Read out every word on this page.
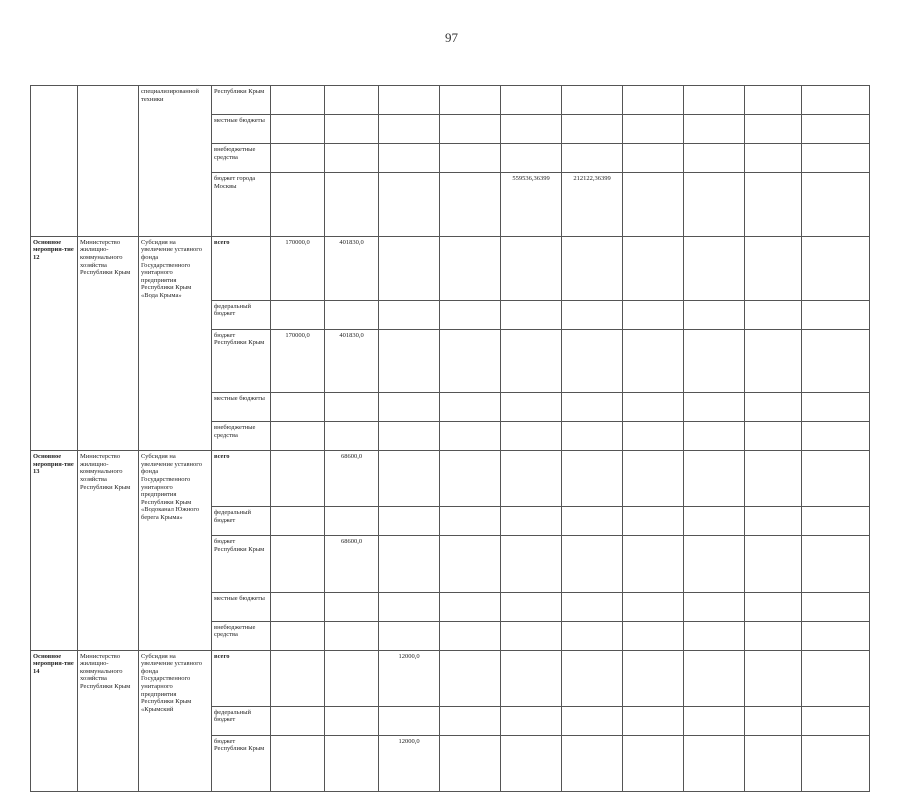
97
		специализированной техники	Республики Крым											
			местные бюджеты											
			внебюджетные средства											
			бюджет города Москвы					559536,36399	212122,36399					
Основное мероприя-тие 12	Министерство жилищно-коммунального хозяйства Республики Крым	Субсидия на увеличение уставного фонда Государственного унитарного предприятия Республики Крым «Вода Крыма»	всего	170000,0	401830,0									
			федеральный бюджет											
			бюджет Республики Крым	170000,0	401830,0									
			местные бюджеты											
			внебюджетные средства											
Основное мероприя-тие 13	Министерство жилищно-коммунального хозяйства Республики Крым	Субсидия на увеличение уставного фонда Государственного унитарного предприятия Республики Крым «Водоканал Южного берега Крыма»	всего		68600,0									
			федеральный бюджет											
			бюджет Республики Крым		68600,0									
			местные бюджеты											
			внебюджетные средства											
Основное мероприя-тие 14	Министерство жилищно-коммунального хозяйства Республики Крым	Субсидия на увеличение уставного фонда Государственного унитарного предприятия Республики Крым «Крымский	всего			12000,0								
			федеральный бюджет											
			бюджет Республики Крым			12000,0								
